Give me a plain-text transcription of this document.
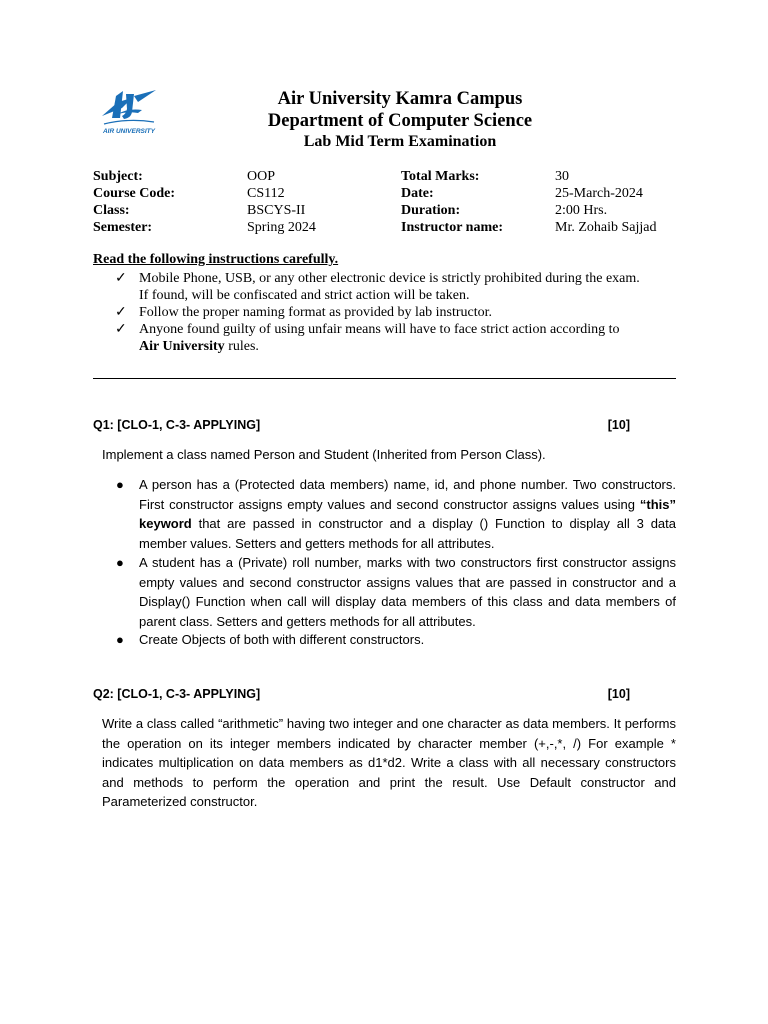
AIR UNIVERSITY
Air University Kamra Campus
Department of Computer Science
Lab Mid Term Examination
Subject:	OOP	Total Marks:	30
Course Code:	CS112	Date:	25-March-2024
Class:	BSCYS-II	Duration:	2:00 Hrs.
Semester:	Spring 2024	Instructor name:	Mr. Zohaib Sajjad
Read the following instructions carefully.
✓ Mobile Phone, USB, or any other electronic device is strictly prohibited during the exam.
If found, will be confiscated and strict action will be taken.
✓ Follow the proper naming format as provided by lab instructor.
✓ Anyone found guilty of using unfair means will have to face strict action according to
Air University rules.
Q1: [CLO-1, C-3- APPLYING]	[10]
Implement a class named Person and Student (Inherited from Person Class).
● A person has a (Protected data members) name, id, and phone number. Two constructors. First constructor assigns empty values and second constructor assigns values using “this” keyword that are passed in constructor and a display () Function to display all 3 data member values. Setters and getters methods for all attributes.
● A student has a (Private) roll number, marks with two constructors first constructor assigns empty values and second constructor assigns values that are passed in constructor and a Display() Function when call will display data members of this class and data members of parent class. Setters and getters methods for all attributes.
● Create Objects of both with different constructors.
Q2: [CLO-1, C-3- APPLYING]	[10]
Write a class called “arithmetic” having two integer and one character as data members. It performs the operation on its integer members indicated by character member (+,-,*, /) For example * indicates multiplication on data members as d1*d2. Write a class with all necessary constructors and methods to perform the operation and print the result. Use Default constructor and Parameterized constructor.
